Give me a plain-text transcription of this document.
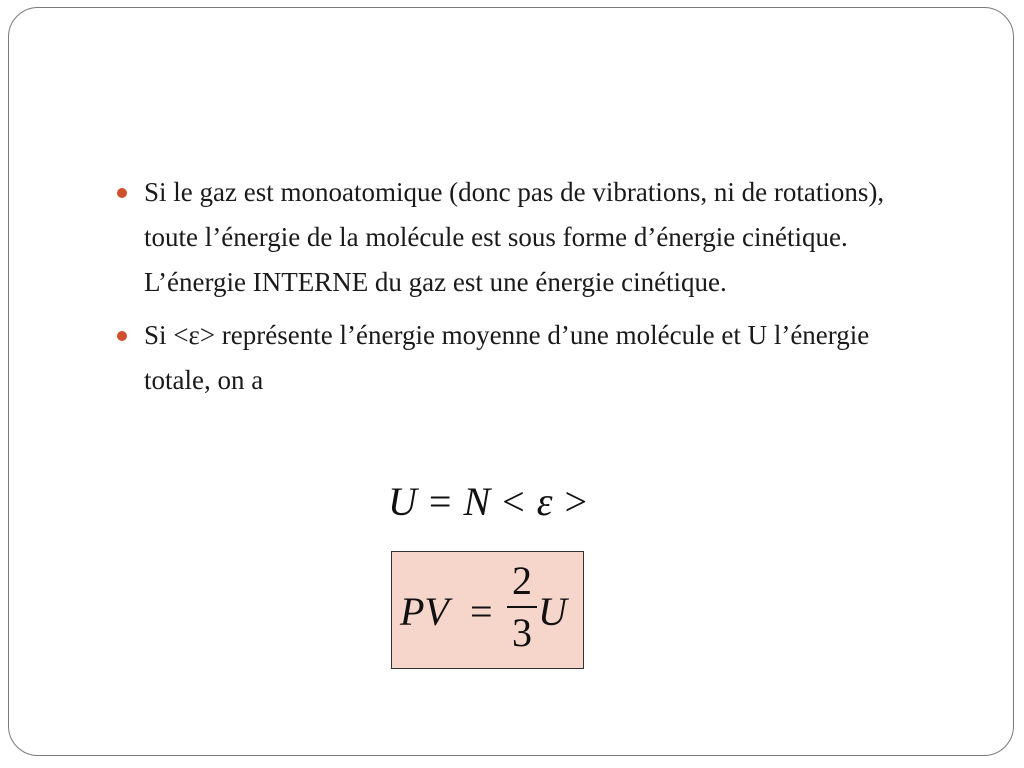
Si le gaz est monoatomique (donc pas de vibrations, ni de rotations), toute l’énergie de la molécule est sous forme d’énergie cinétique. L’énergie INTERNE du gaz est une énergie cinétique.
Si <ε> représente l’énergie moyenne d’une molécule et U l’énergie totale, on a
U = N < ε >
PV =
2
3 U
